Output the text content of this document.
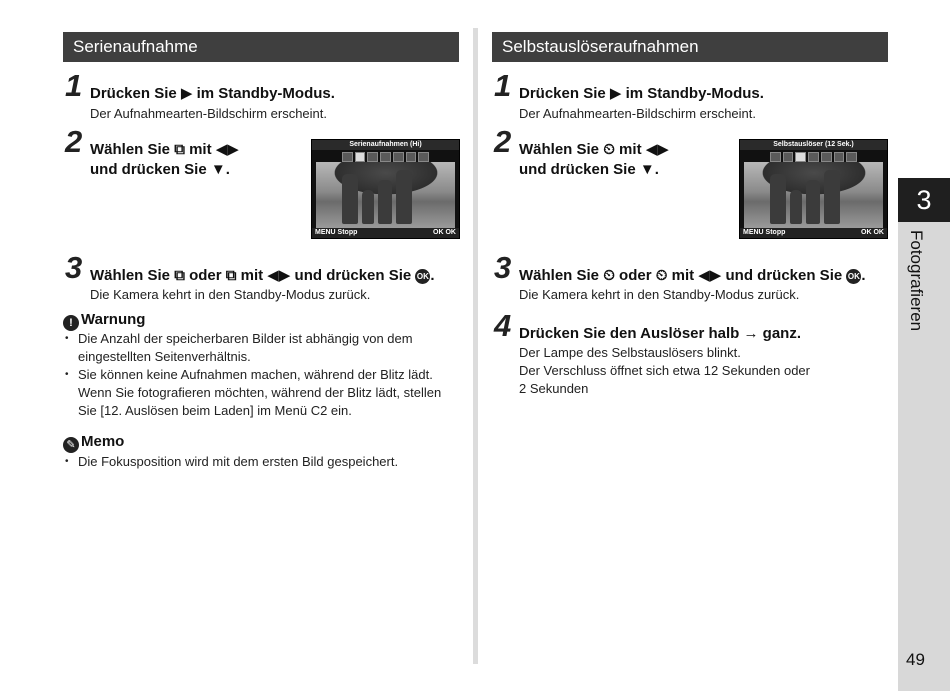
Serienaufnahme
1 Drücken Sie ▶ im Standby-Modus.
Der Aufnahmearten-Bildschirm erscheint.
2 Wählen Sie ⧉ mit ◀▶
und drücken Sie ▼.
Serienaufnahmen (Hi)
MENU Stopp	OK OK
3 Wählen Sie ⧉ oder ⧉ mit ◀▶ und drücken Sie OK .
Die Kamera kehrt in den Standby-Modus zurück.
! Warnung
• Die Anzahl der speicherbaren Bilder ist abhängig von dem eingestellten Seitenverhältnis.
• Sie können keine Aufnahmen machen, während der Blitz lädt. Wenn Sie fotografieren möchten, während der Blitz lädt, stellen Sie [12. Auslösen beim Laden] im Menü C2 ein.
✎ Memo
• Die Fokusposition wird mit dem ersten Bild gespeichert.
Selbstauslöseraufnahmen
1 Drücken Sie ▶ im Standby-Modus.
Der Aufnahmearten-Bildschirm erscheint.
2 Wählen Sie ⏲ mit ◀▶
und drücken Sie ▼.
Selbstauslöser (12 Sek.)
MENU Stopp	OK OK
3 Wählen Sie ⏲ oder ⏲ mit ◀▶ und drücken Sie OK .
Die Kamera kehrt in den Standby-Modus zurück.
4 Drücken Sie den Auslöser halb → ganz.
Der Lampe des Selbstauslösers blinkt.
Der Verschluss öffnet sich etwa 12 Sekunden oder
2 Sekunden
3
Fotografieren
49
